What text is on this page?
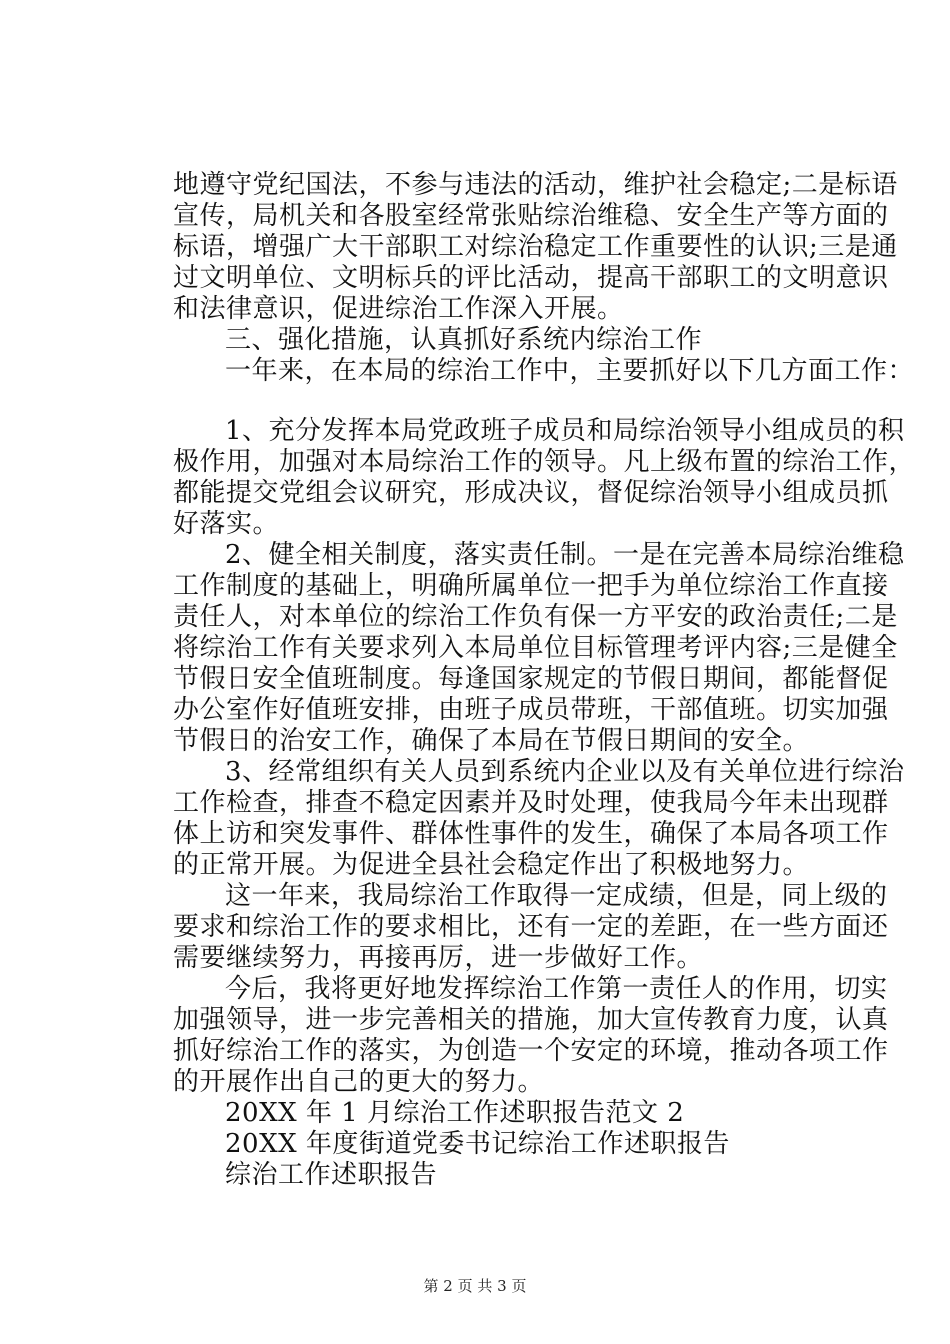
地遵守党纪国法，不参与违法的活动，维护社会稳定;二是标语
宣传，局机关和各股室经常张贴综治维稳、安全生产等方面的
标语，增强广大干部职工对综治稳定工作重要性的认识;三是通
过文明单位、文明标兵的评比活动，提高干部职工的文明意识
和法律意识，促进综治工作深入开展。
三、强化措施，认真抓好系统内综治工作
一年来，在本局的综治工作中，主要抓好以下几方面工作：
1、充分发挥本局党政班子成员和局综治领导小组成员的积
极作用，加强对本局综治工作的领导。凡上级布置的综治工作，
都能提交党组会议研究，形成决议，督促综治领导小组成员抓
好落实。
2、健全相关制度，落实责任制。一是在完善本局综治维稳
工作制度的基础上，明确所属单位一把手为单位综治工作直接
责任人，对本单位的综治工作负有保一方平安的政治责任;二是
将综治工作有关要求列入本局单位目标管理考评内容;三是健全
节假日安全值班制度。每逢国家规定的节假日期间，都能督促
办公室作好值班安排，由班子成员带班，干部值班。切实加强
节假日的治安工作，确保了本局在节假日期间的安全。
3、经常组织有关人员到系统内企业以及有关单位进行综治
工作检查，排查不稳定因素并及时处理，使我局今年未出现群
体上访和突发事件、群体性事件的发生，确保了本局各项工作
的正常开展。为促进全县社会稳定作出了积极地努力。
这一年来，我局综治工作取得一定成绩，但是，同上级的
要求和综治工作的要求相比，还有一定的差距，在一些方面还
需要继续努力，再接再厉，进一步做好工作。
今后，我将更好地发挥综治工作第一责任人的作用，切实
加强领导，进一步完善相关的措施，加大宣传教育力度，认真
抓好综治工作的落实，为创造一个安定的环境，推动各项工作
的开展作出自己的更大的努力。
20XX 年 1 月综治工作述职报告范文 2
20XX 年度街道党委书记综治工作述职报告
综治工作述职报告
第 2 页 共 3 页
